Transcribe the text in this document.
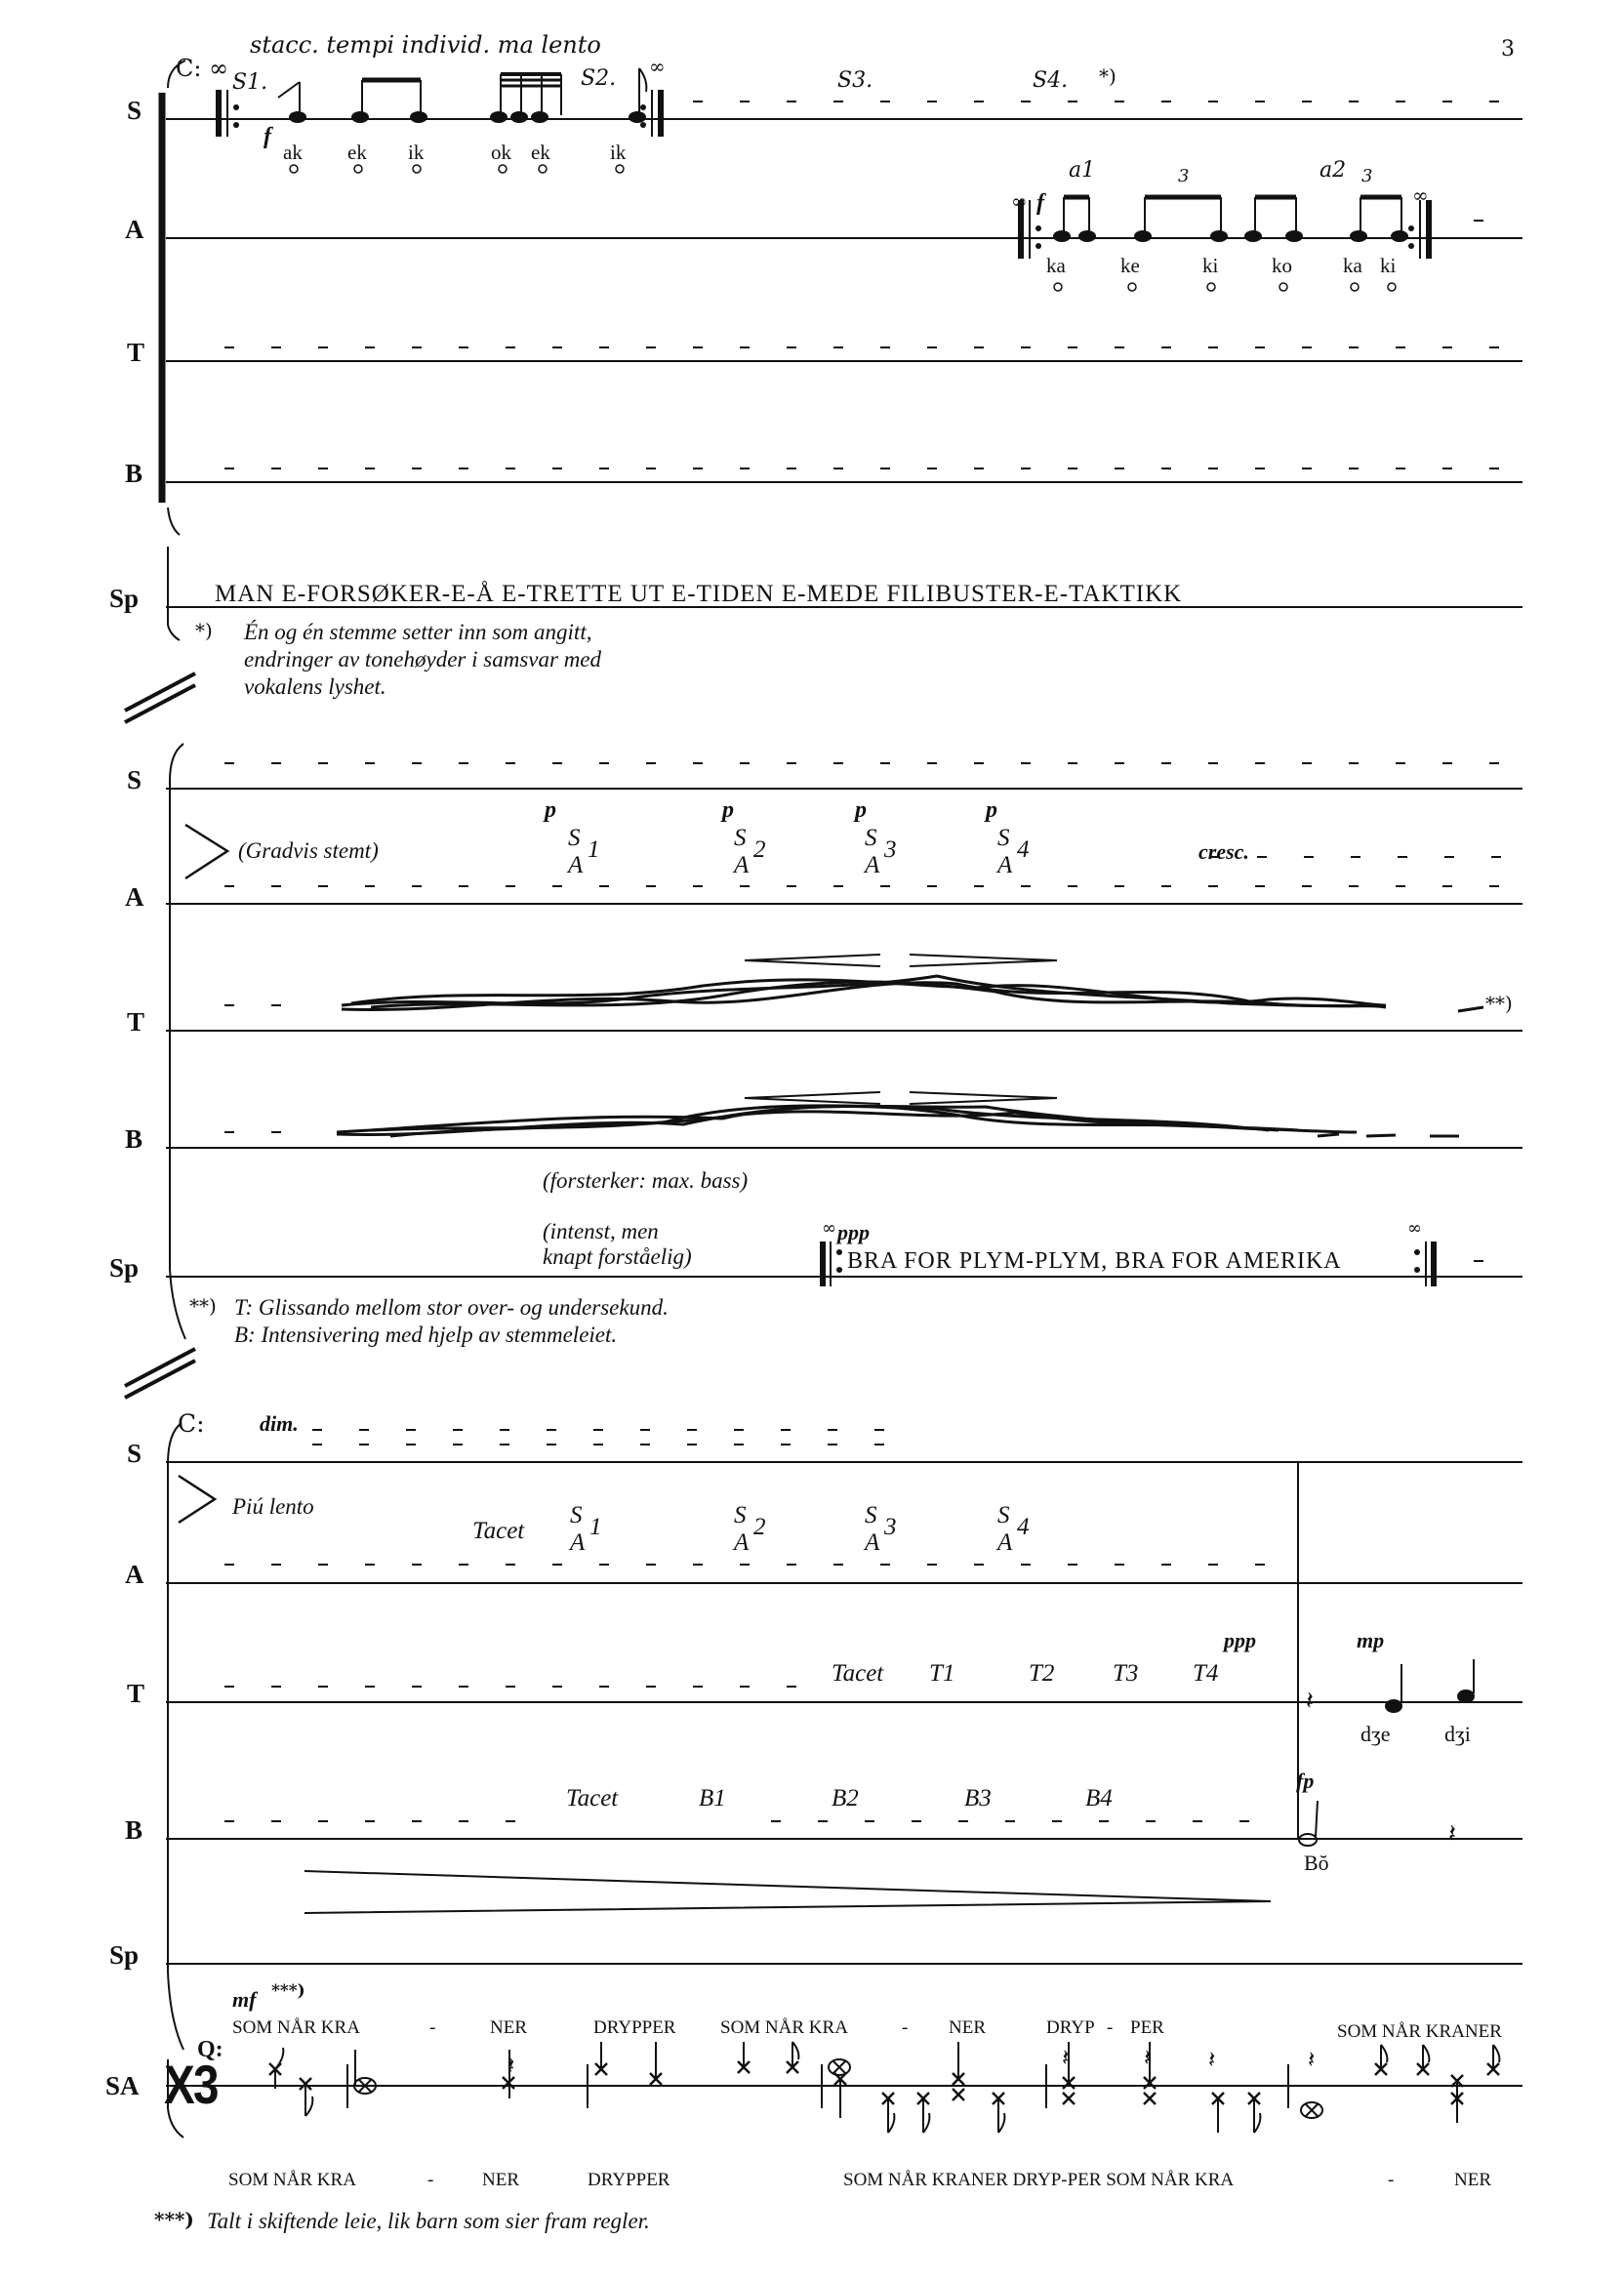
3
stacc. tempi individ. ma lento
C: ∞
S1.	S2.	S3.	S4. *)
∞
f
ak ek ik	ok ek	ik
a1	a2
3	3
∞	∞
f
ka	ke	ki	ko ka ki
S
A
T
B
Sp	MAN E-FORSØKER-E-Å E-TRETTE UT E-TIDEN E-MEDE FILIBUSTER-E-TAKTIKK
*) Én og én stemme setter inn som angitt,
endringer av tonehøyder i samsvar med
vokalens lyshet.
S
A
T
B
Sp
(Gradvis stemt)
p
S 1
A
p
S 2
A
p
S 3
A
p
S 4
A
cresc.
**)
(forsterker: max. bass)
(intenst, men
knapt forståelig)
∞ ppp
BRA FOR PLYM-PLYM, BRA FOR AMERIKA
∞
**) T: Glissando mellom stor over- og undersekund.
B: Intensivering med hjelp av stemmeleiet.
C:	dim.
S
A
T
B
Sp
SA
Piú lento
Tacet
S 1
A
S 2
A
S 3
A
S 4
A
Tacet T1	T2 T3 T4
ppp	mp
dʒe	dʒi
𝄽
Tacet	B1	B2	B3	B4
fp
Bŏ
𝄽
mf ***)
Q:
X3
SOM NÅR KRA	-	NER	DRYPPER SOM NÅR KRA	- NER	DRYP - PER	SOM NÅR KRANER
SOM NÅR KRA	-	NER	DRYPPER	SOM NÅR KRANER DRYP-PER SOM NÅR KRA	-	NER
𝄽	𝄽	𝄽 𝄽	𝄽
***) Talt i skiftende leie, lik barn som sier fram regler.
